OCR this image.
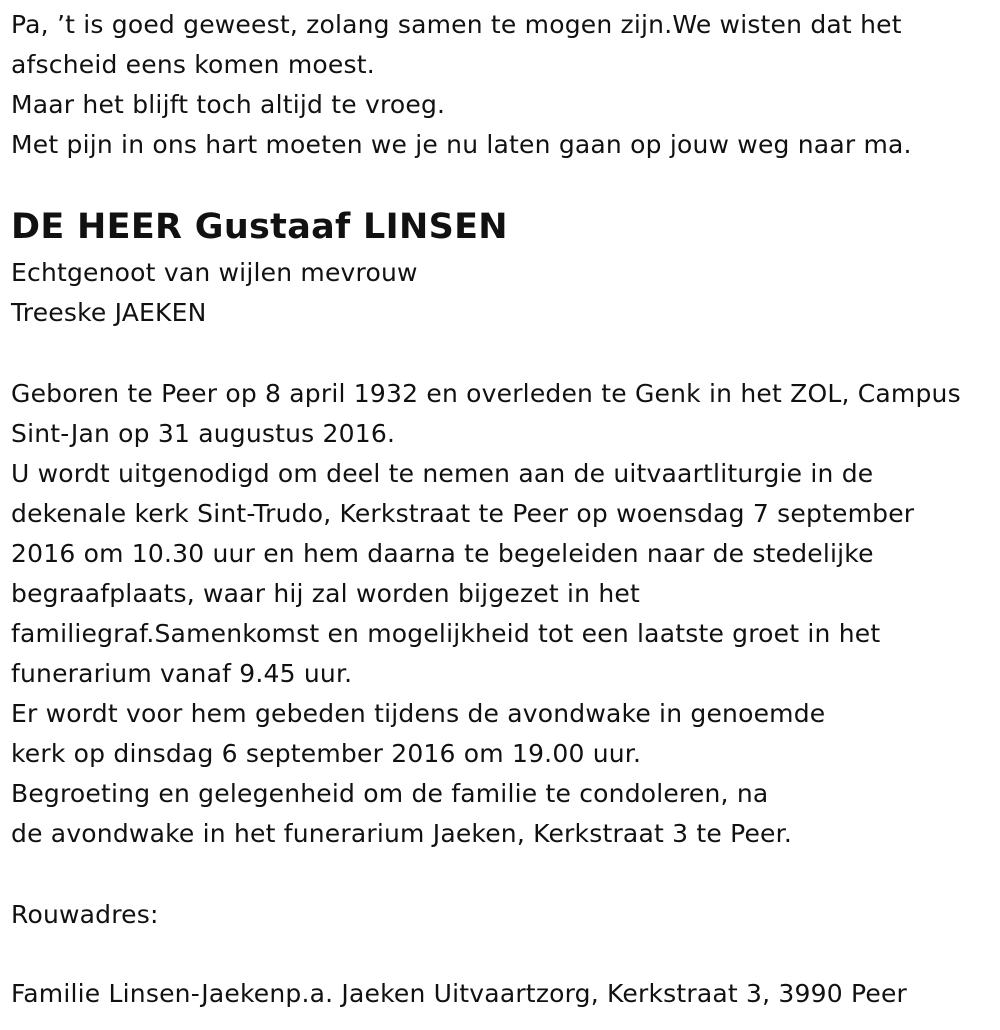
Pa, ’t is goed geweest, zolang samen te mogen zijn.We wisten dat het
afscheid eens komen moest.
Maar het blijft toch altijd te vroeg.
Met pijn in ons hart moeten we je nu laten gaan op jouw weg naar ma.
DE HEER Gustaaf LINSEN
Echtgenoot van wijlen mevrouw
Treeske JAEKEN
Geboren te Peer op 8 april 1932 en overleden te Genk in het ZOL, Campus
Sint-Jan op 31 augustus 2016.
U wordt uitgenodigd om deel te nemen aan de uitvaartliturgie in de
dekenale kerk Sint-Trudo, Kerkstraat te Peer op woensdag 7 september
2016 om 10.30 uur en hem daarna te begeleiden naar de stedelijke
begraafplaats, waar hij zal worden bijgezet in het
familiegraf.Samenkomst en mogelijkheid tot een laatste groet in het
funerarium vanaf 9.45 uur.
Er wordt voor hem gebeden tijdens de avondwake in genoemde
kerk op dinsdag 6 september 2016 om 19.00 uur.
Begroeting en gelegenheid om de familie te condoleren, na
de avondwake in het funerarium Jaeken, Kerkstraat 3 te Peer.
Rouwadres:
Familie Linsen-Jaekenp.a. Jaeken Uitvaartzorg, Kerkstraat 3, 3990 Peer
